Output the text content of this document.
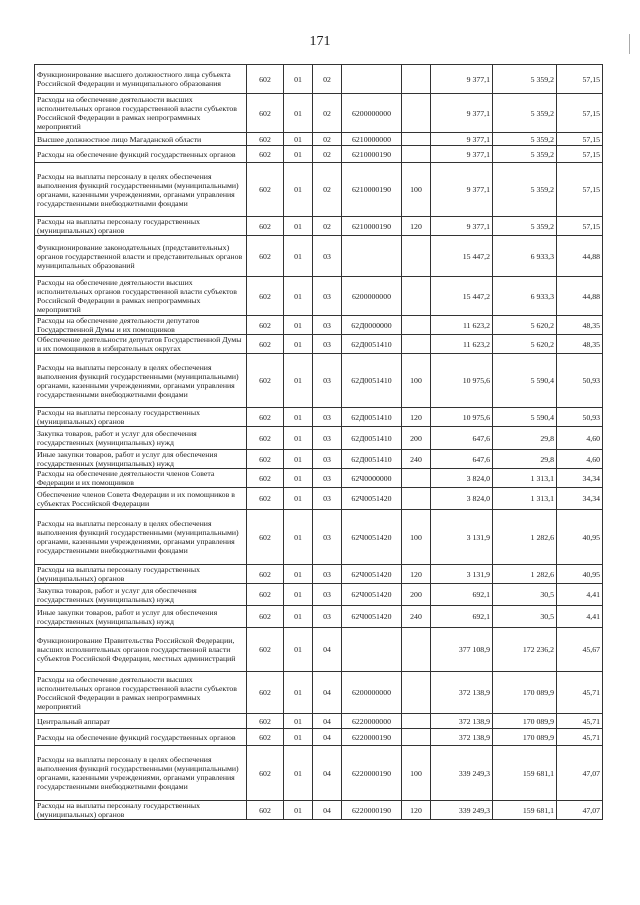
171
Функционирование высшего должностного лица субъекта Российской Федерации и муниципального образования	602	01	02			9 377,1	5 359,2	57,15
Расходы на обеспечение деятельности высших исполнительных органов государственной власти субъектов Российской Федерации в рамках непрограммных мероприятий	602	01	02	6200000000		9 377,1	5 359,2	57,15
Высшее должностное лицо Магаданской области	602	01	02	6210000000		9 377,1	5 359,2	57,15
Расходы на обеспечение функций государственных органов	602	01	02	6210000190		9 377,1	5 359,2	57,15
Расходы на выплаты персоналу в целях обеспечения выполнения функций государственными (муниципальными) органами, казенными учреждениями, органами управления государственными внебюджетными фондами	602	01	02	6210000190	100	9 377,1	5 359,2	57,15
Расходы на выплаты персоналу государственных (муниципальных) органов	602	01	02	6210000190	120	9 377,1	5 359,2	57,15
Функционирование законодательных (представительных) органов государственной власти и представительных органов муниципальных образований	602	01	03			15 447,2	6 933,3	44,88
Расходы на обеспечение деятельности высших исполнительных органов государственной власти субъектов Российской Федерации в рамках непрограммных мероприятий	602	01	03	6200000000		15 447,2	6 933,3	44,88
Расходы на обеспечение деятельности депутатов Государственной Думы и их помощников	602	01	03	62Д0000000		11 623,2	5 620,2	48,35
Обеспечение деятельности депутатов Государственной Думы и их помощников в избирательных округах	602	01	03	62Д0051410		11 623,2	5 620,2	48,35
Расходы на выплаты персоналу в целях обеспечения выполнения функций государственными (муниципальными) органами, казенными учреждениями, органами управления государственными внебюджетными фондами	602	01	03	62Д0051410	100	10 975,6	5 590,4	50,93
Расходы на выплаты персоналу государственных (муниципальных) органов	602	01	03	62Д0051410	120	10 975,6	5 590,4	50,93
Закупка товаров, работ и услуг для обеспечения государственных (муниципальных) нужд	602	01	03	62Д0051410	200	647,6	29,8	4,60
Иные закупки товаров, работ и услуг для обеспечения государственных (муниципальных) нужд	602	01	03	62Д0051410	240	647,6	29,8	4,60
Расходы на обеспечение деятельности членов Совета Федерации и их помощников	602	01	03	62Ч0000000		3 824,0	1 313,1	34,34
Обеспечение членов Совета Федерации и их помощников в субъектах Российской Федерации	602	01	03	62Ч0051420		3 824,0	1 313,1	34,34
Расходы на выплаты персоналу в целях обеспечения выполнения функций государственными (муниципальными) органами, казенными учреждениями, органами управления государственными внебюджетными фондами	602	01	03	62Ч0051420	100	3 131,9	1 282,6	40,95
Расходы на выплаты персоналу государственных (муниципальных) органов	602	01	03	62Ч0051420	120	3 131,9	1 282,6	40,95
Закупка товаров, работ и услуг для обеспечения государственных (муниципальных) нужд	602	01	03	62Ч0051420	200	692,1	30,5	4,41
Иные закупки товаров, работ и услуг для обеспечения государственных (муниципальных) нужд	602	01	03	62Ч0051420	240	692,1	30,5	4,41
Функционирование Правительства Российской Федерации, высших исполнительных органов государственной власти субъектов Российской Федерации, местных администраций	602	01	04			377 108,9	172 236,2	45,67
Расходы на обеспечение деятельности высших исполнительных органов государственной власти субъектов Российской Федерации в рамках непрограммных мероприятий	602	01	04	6200000000		372 138,9	170 089,9	45,71
Центральный аппарат	602	01	04	6220000000		372 138,9	170 089,9	45,71
Расходы на обеспечение функций государственных органов	602	01	04	6220000190		372 138,9	170 089,9	45,71
Расходы на выплаты персоналу в целях обеспечения выполнения функций государственными (муниципальными) органами, казенными учреждениями, органами управления государственными внебюджетными фондами	602	01	04	6220000190	100	339 249,3	159 681,1	47,07
Расходы на выплаты персоналу государственных (муниципальных) органов	602	01	04	6220000190	120	339 249,3	159 681,1	47,07
